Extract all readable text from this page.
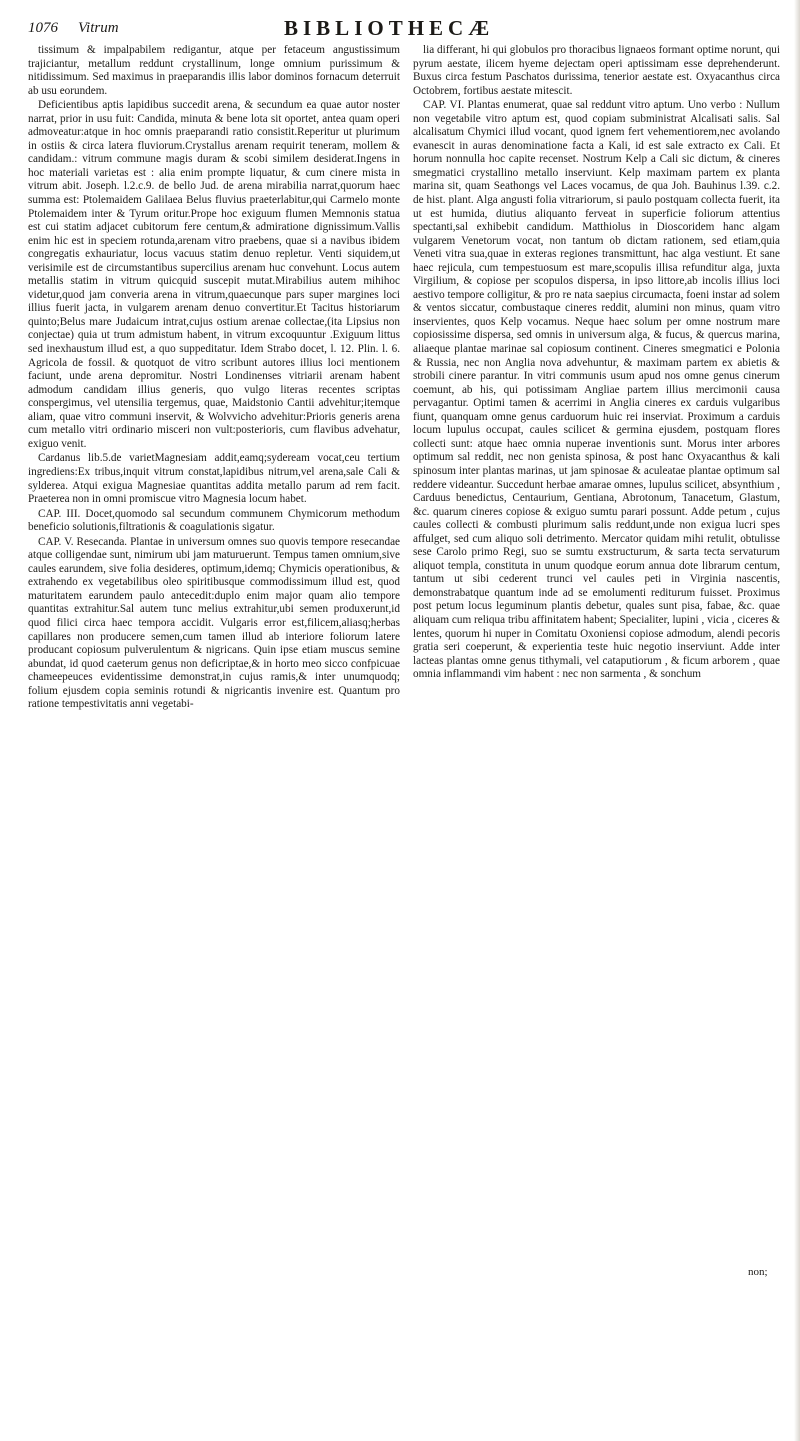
1076 Vitrum	BIBLIOTHECÆ

tissimum & impalpabilem redigantur, atque per fetaceum angustissimum trajiciantur, metallum reddunt crystallinum, longe omnium purissimum & nitidissimum. Sed maximus in praeparandis illis labor dominos fornacum deterruit ab usu eorundem.

Deficientibus aptis lapidibus succedit arena, & secundum ea quae autor noster narrat, prior in usu fuit: Candida, minuta & bene lota sit oportet, antea quam operi admoveatur:atque in hoc omnis praeparandi ratio consistit.Reperitur ut plurimum in ostiis & circa latera fluviorum.Crystallus arenam requirit teneram, mollem & candidam.: vitrum commune magis duram & scobi similem desiderat.Ingens in hoc materiali varietas est : alia enim prompte liquatur, & cum cinere mista in vitrum abit. Joseph. l.2.c.9. de bello Jud. de arena mirabilia narrat,quorum haec summa est: Ptolemaidem Galilaea Belus fluvius praeterlabitur,qui Carmelo monte Ptolemaidem inter & Tyrum oritur.Prope hoc exiguum flumen Memnonis statua est cui statim adjacet cubitorum fere centum,& admiratione dignissimum.Vallis enim hic est in speciem rotunda,arenam vitro praebens, quae si a navibus ibidem congregatis exhauriatur, locus vacuus statim denuo repletur. Venti siquidem,ut verisimile est de circumstantibus supercilius arenam huc convehunt. Locus autem metallis statim in vitrum quicquid suscepit mutat.Mirabilius autem mihihoc videtur,quod jam converia arena in vitrum,quaecunque pars super margines loci illius fuerit jacta, in vulgarem arenam denuo convertitur.Et Tacitus historiarum quinto;Belus mare Judaicum intrat,cujus ostium arenae collectae,(ita Lipsius non conjectae) quia ut trum admistum habent, in vitrum excoquuntur .Exiguum littus sed inexhaustum illud est, a quo suppeditatur. Idem Strabo docet, l. 12. Plin. l. 6. Agricola de fossil. & quotquot de vitro scribunt autores illius loci mentionem faciunt, unde arena depromitur. Nostri Londinenses vitriarii arenam habent admodum candidam illius generis, quo vulgo literas recentes scriptas conspergimus, vel utensilia tergemus, quae, Maidstonio Cantii advehitur;itemque aliam, quae vitro communi inservit, & Wolvvicho advehitur:Prioris generis arena cum metallo vitri ordinario misceri non vult:posterioris, cum flavibus advehatur, exiguo venit.

Cardanus lib.5.de varietMagnesiam addit,eamq;sydeream vocat,ceu tertium ingrediens:Ex tribus,inquit vitrum constat,lapidibus nitrum,vel arena,sale Cali & sylderea. Atqui exigua Magnesiae quantitas addita metallo parum ad rem facit. Praeterea non in omni promiscue vitro Magnesia locum habet.

CAP. III. Docet,quomodo sal secundum communem Chymicorum methodum beneficio solutionis,filtrationis & coagulationis sigatur.

CAP. V. Resecanda. Plantae in universum omnes suo quovis tempore resecandae atque colligendae sunt, nimirum ubi jam maturuerunt. Tempus tamen omnium,sive caules earundem, sive folia desideres, optimum,idemq; Chymicis operationibus, & extrahendo ex vegetabilibus oleo spiritibusque commodissimum illud est, quod maturitatem earundem paulo antecedit:duplo enim major quam alio tempore quantitas extrahitur.Sal autem tunc melius extrahitur,ubi semen produxerunt,id quod filici circa haec tempora accidit. Vulgaris error est,filicem,aliasq;herbas capillares non producere semen,cum tamen illud ab interiore foliorum latere producant copiosum pulverulentum & nigricans. Quin ipse etiam muscus semine abundat, id quod caeterum genus non deficriptae,& in horto meo sicco confpicuae chameepeuces evidentissime demonstrat,in cujus ramis,& inter unumquodq; folium ejusdem copia seminis rotundi & nigricantis invenire est. Quantum pro ratione tempestivitatis anni vegetabi-

lia differant, hi qui globulos pro thoracibus lignaeos formant optime norunt, qui pyrum aestate, ilicem hyeme dejectam operi aptissimam esse deprehenderunt. Buxus circa festum Paschatos durissima, tenerior aestate est. Oxyacanthus circa Octobrem, fortibus aestate mitescit.

CAP. VI. Plantas enumerat, quae sal reddunt vitro aptum. Uno verbo : Nullum non vegetabile vitro aptum est, quod copiam subministrat Alcalisati salis. Sal alcalisatum Chymici illud vocant, quod ignem fert vehementiorem,nec avolando evanescit in auras denominatione facta a Kali, id est sale extracto ex Cali. Et horum nonnulla hoc capite recenset. Nostrum Kelp a Cali sic dictum, & cineres smegmatici crystallino metallo inserviunt. Kelp maximam partem ex planta marina sit, quam Seathongs vel Laces vocamus, de qua Joh. Bauhinus l.39. c.2. de hist. plant. Alga angusti folia vitrariorum, si paulo postquam collecta fuerit, ita ut est humida, diutius aliquanto ferveat in superficie foliorum attentius spectanti,sal exhibebit candidum. Matthiolus in Dioscoridem hanc algam vulgarem Venetorum vocat, non tantum ob dictam rationem, sed etiam,quia Veneti vitra sua,quae in exteras regiones transmittunt, hac alga vestiunt. Et sane haec rejicula, cum tempestuosum est mare,scopulis illisa refunditur alga, juxta Virgilium, & copiose per scopulos dispersa, in ipso littore,ab incolis illius loci aestivo tempore colligitur, & pro re nata saepius circumacta, foeni instar ad solem & ventos siccatur, combustaque cineres reddit, alumini non minus, quam vitro inservientes, quos Kelp vocamus. Neque haec solum per omne nostrum mare copiosissime dispersa, sed omnis in universum alga, & fucus, & quercus marina, aliaeque plantae marinae sal copiosum continent. Cineres smegmatici e Polonia & Russia, nec non Anglia nova advehuntur, & maximam partem ex abietis & strobili cinere parantur. In vitri communis usum apud nos omne genus cinerum coemunt, ab his, qui potissimam Angliae partem illius mercimonii causa pervagantur. Optimi tamen & acerrimi in Anglia cineres ex carduis vulgaribus fiunt, quanquam omne genus carduorum huic rei inserviat. Proximum a carduis locum lupulus occupat, caules scilicet & germina ejusdem, postquam flores collecti sunt: atque haec omnia nuperae inventionis sunt. Morus inter arbores optimum sal reddit, nec non genista spinosa, & post hanc Oxyacanthus & kali spinosum inter plantas marinas, ut jam spinosae & aculeatae plantae optimum sal reddere videantur. Succedunt herbae amarae omnes, lupulus scilicet, absynthium , Carduus benedictus, Centaurium, Gentiana, Abrotonum, Tanacetum, Glastum, &c. quarum cineres copiose & exiguo sumtu parari possunt. Adde petum , cujus caules collecti & combusti plurimum salis reddunt,unde non exigua lucri spes affulget, sed cum aliquo soli detrimento. Mercator quidam mihi retulit, obtulisse sese Carolo primo Regi, suo se sumtu exstructurum, & sarta tecta servaturum aliquot templa, constituta in unum quodque eorum annua dote librarum centum, tantum ut sibi cederent trunci vel caules peti in Virginia nascentis, demonstrabatque quantum inde ad se emolumenti rediturum fuisset. Proximus post petum locus leguminum plantis debetur, quales sunt pisa, fabae, &c. quae aliquam cum reliqua tribu affinitatem habent; Specialiter, lupini , vicia , ciceres & lentes, quorum hi nuper in Comitatu Oxoniensi copiose admodum, alendi pecoris gratia seri coeperunt, & experientia teste huic negotio inserviunt. Adde inter lacteas plantas omne genus tithymali, vel cataputiorum , & ficum arborem , quae omnia inflammandi vim habent : nec non sarmenta , & sonchum

non;
